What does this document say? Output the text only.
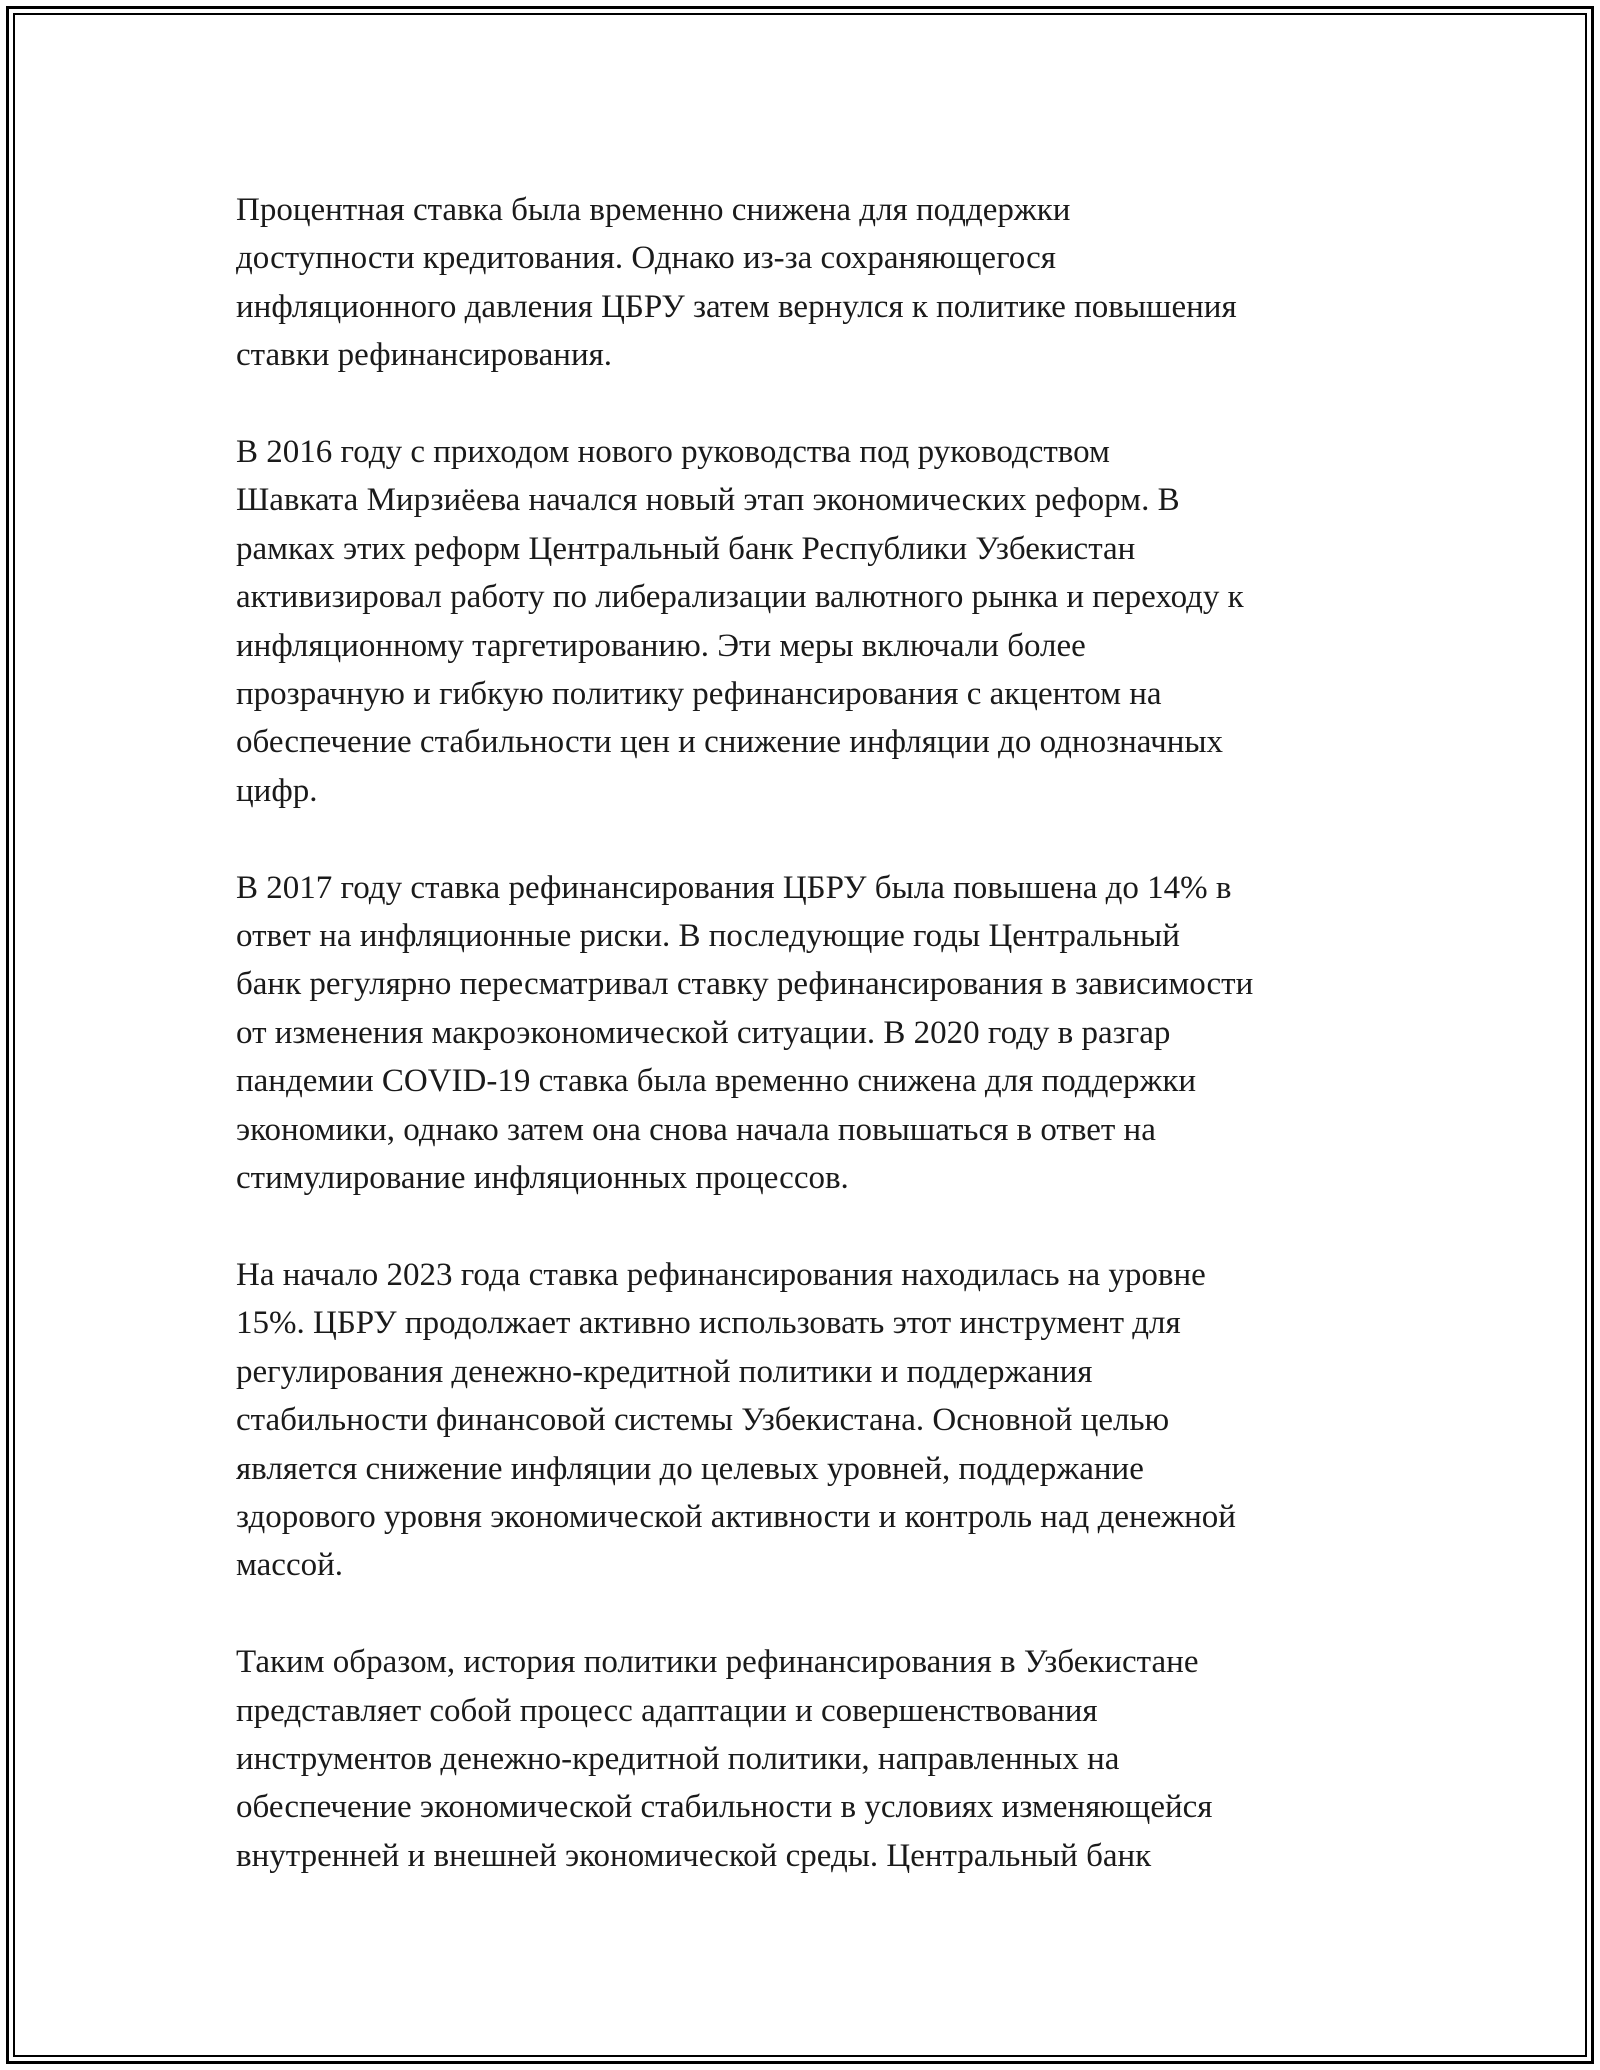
Процентная ставка была временно снижена для поддержки
доступности кредитования. Однако из-за сохраняющегося
инфляционного давления ЦБРУ затем вернулся к политике повышения
ставки рефинансирования.

В 2016 году с приходом нового руководства под руководством
Шавката Мирзиёева начался новый этап экономических реформ. В
рамках этих реформ Центральный банк Республики Узбекистан
активизировал работу по либерализации валютного рынка и переходу к
инфляционному таргетированию. Эти меры включали более
прозрачную и гибкую политику рефинансирования с акцентом на
обеспечение стабильности цен и снижение инфляции до однозначных
цифр.

В 2017 году ставка рефинансирования ЦБРУ была повышена до 14% в
ответ на инфляционные риски. В последующие годы Центральный
банк регулярно пересматривал ставку рефинансирования в зависимости
от изменения макроэкономической ситуации. В 2020 году в разгар
пандемии COVID-19 ставка была временно снижена для поддержки
экономики, однако затем она снова начала повышаться в ответ на
стимулирование инфляционных процессов.

На начало 2023 года ставка рефинансирования находилась на уровне
15%. ЦБРУ продолжает активно использовать этот инструмент для
регулирования денежно-кредитной политики и поддержания
стабильности финансовой системы Узбекистана. Основной целью
является снижение инфляции до целевых уровней, поддержание
здорового уровня экономической активности и контроль над денежной
массой.

Таким образом, история политики рефинансирования в Узбекистане
представляет собой процесс адаптации и совершенствования
инструментов денежно-кредитной политики, направленных на
обеспечение экономической стабильности в условиях изменяющейся
внутренней и внешней экономической среды. Центральный банк
